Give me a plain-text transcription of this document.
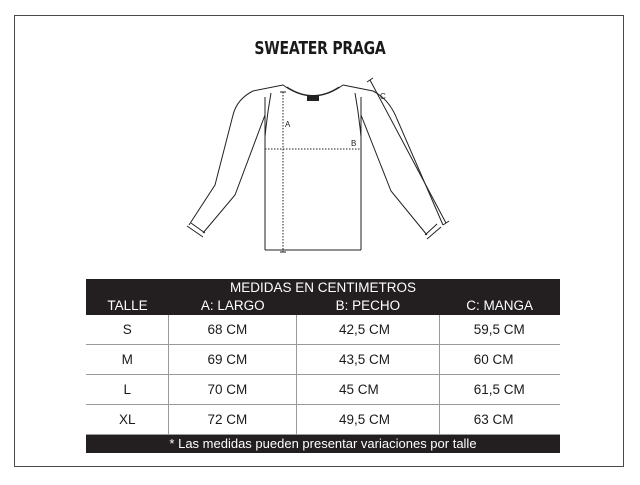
SWEATER PRAGA
A
B
C
MEDIDAS EN CENTIMETROS			
TALLE	A: LARGO	B: PECHO	C: MANGA
S	68 CM	42,5 CM	59,5 CM
M	69 CM	43,5 CM	60 CM
L	70 CM	45 CM	61,5 CM
XL	72 CM	49,5 CM	63 CM
* Las medidas pueden presentar variaciones por talle			
